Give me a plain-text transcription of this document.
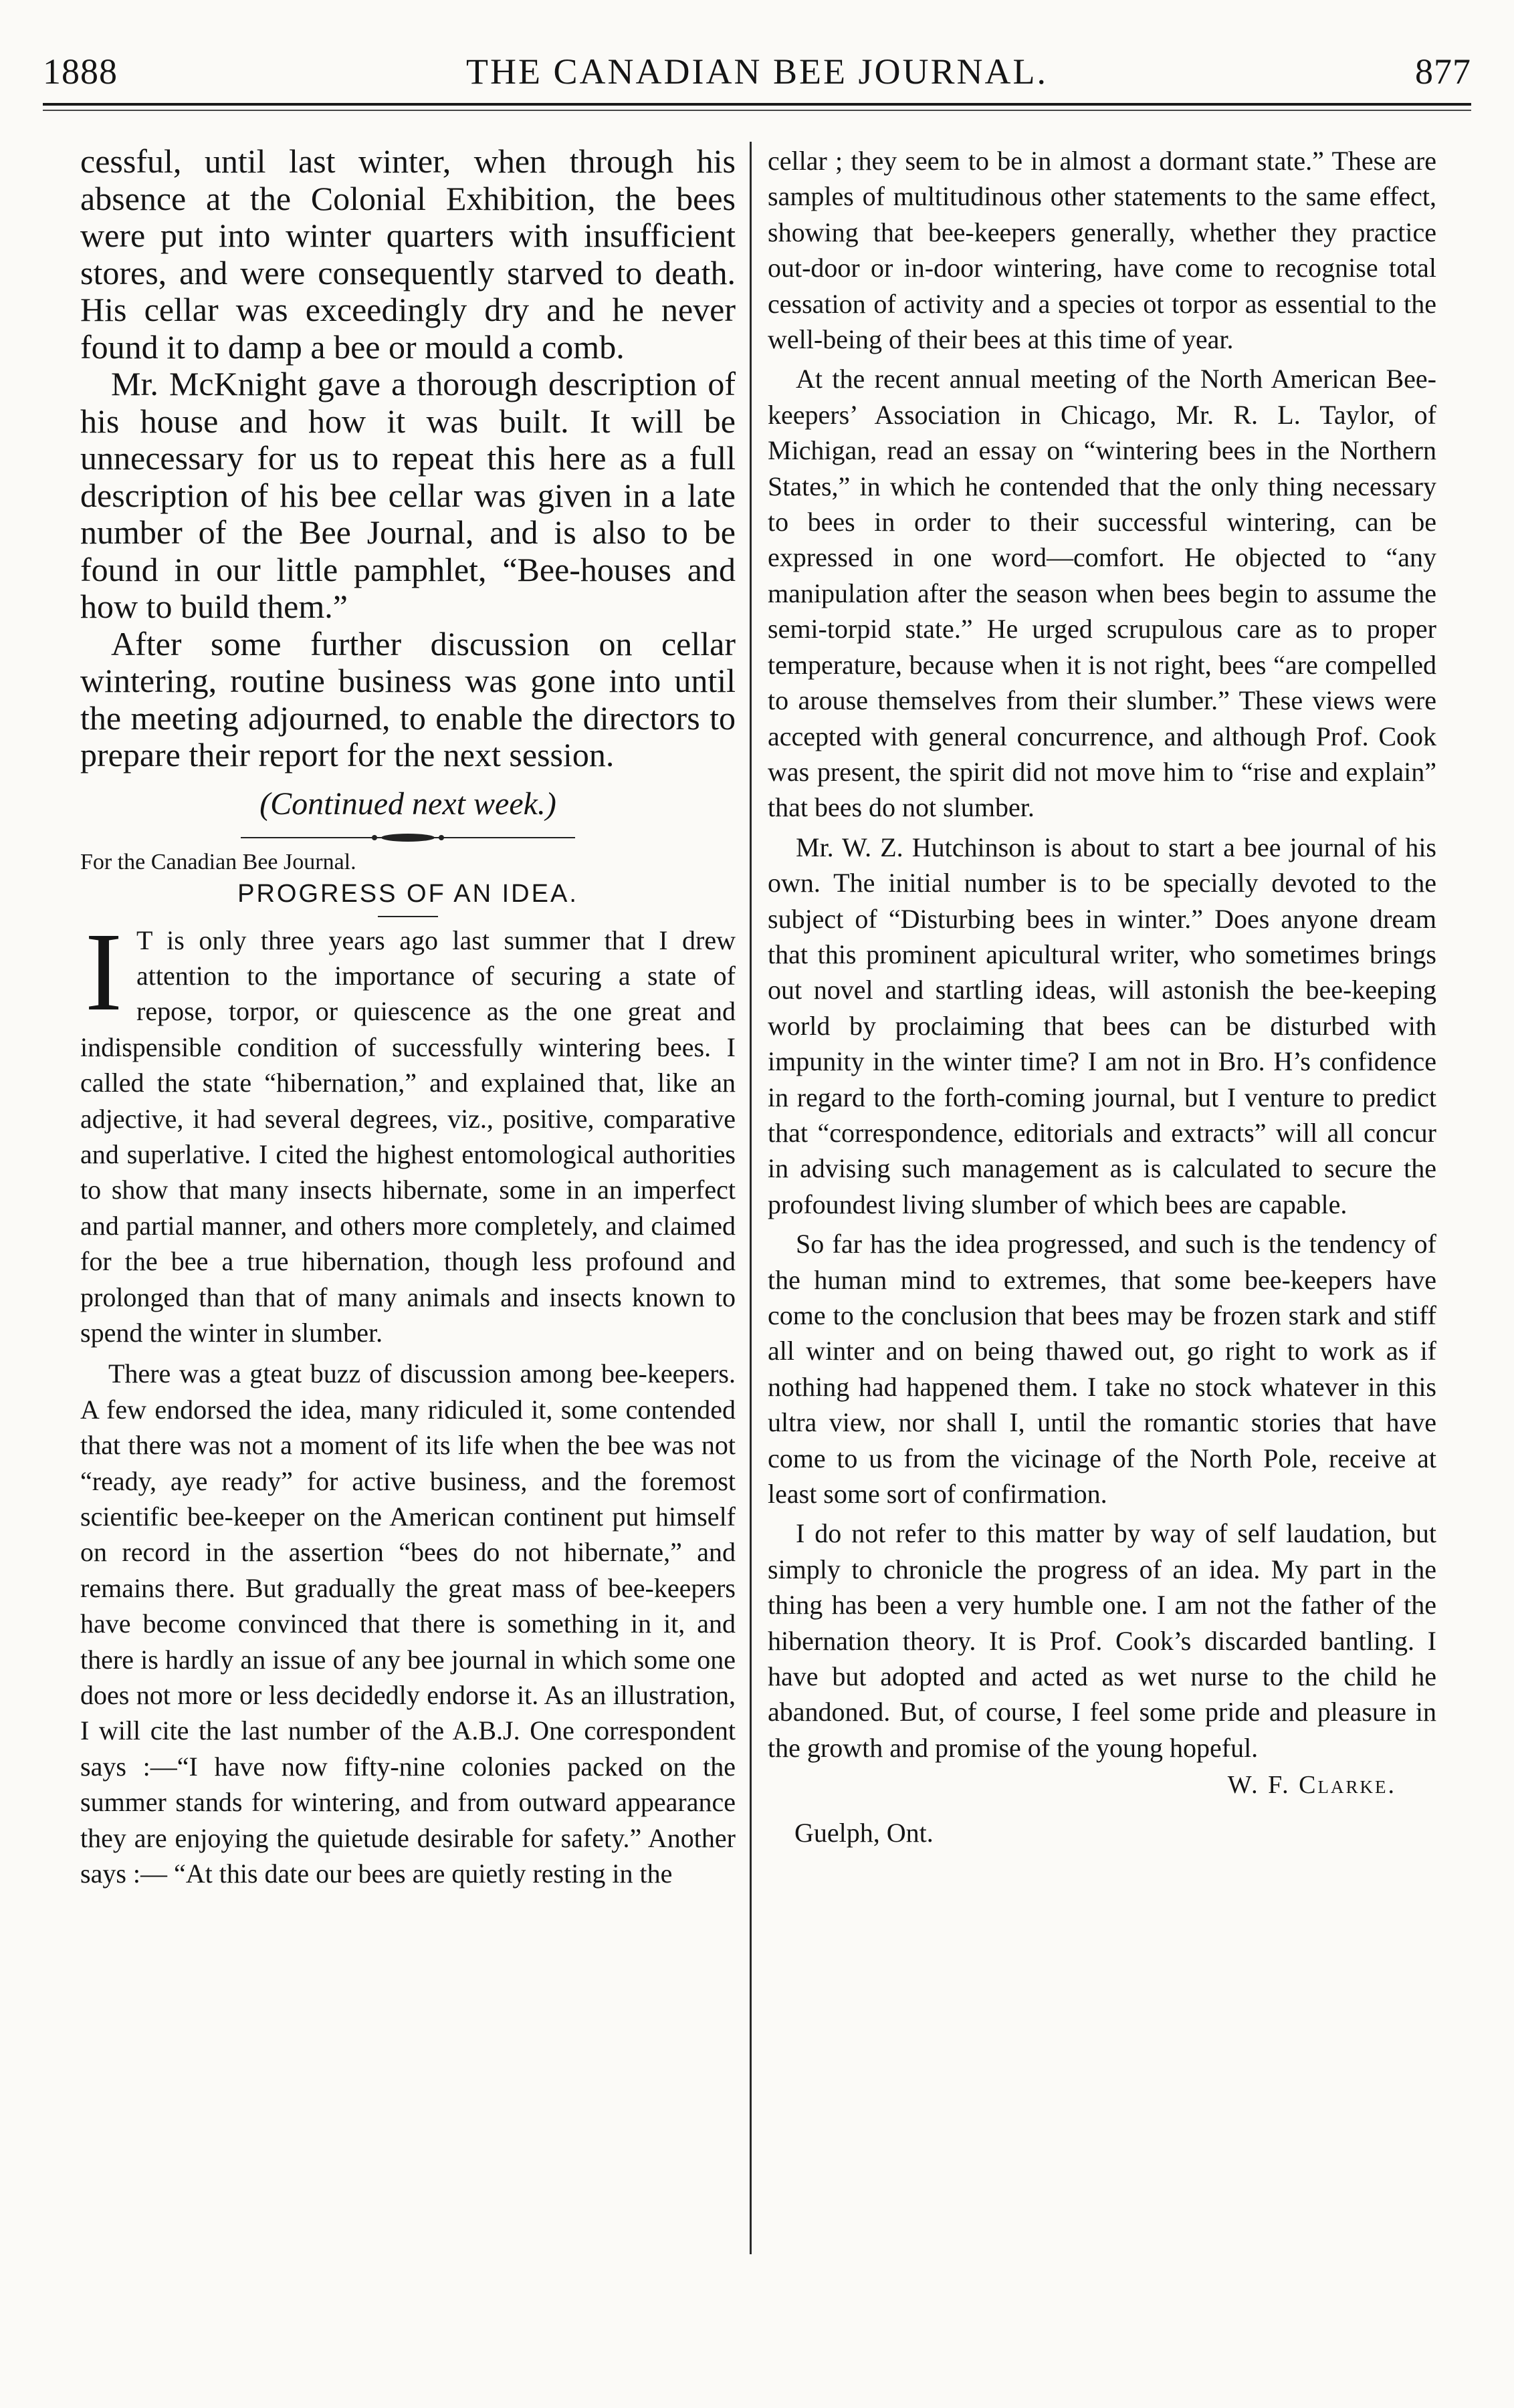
THE CANADIAN BEE JOURNAL.
1888	877

cessful, until last winter, when through his absence at the Colonial Exhibition, the bees were put into winter quarters with insufficient stores, and were consequently starved to death. His cellar was exceedingly dry and he never found it to damp a bee or mould a comb.

Mr. McKnight gave a thorough description of his house and how it was built. It will be unnecessary for us to repeat this here as a full description of his bee cellar was given in a late number of the Bee Journal, and is also to be found in our little pamphlet, “Bee-houses and how to build them.”

After some further discussion on cellar wintering, routine business was gone into until the meeting adjourned, to enable the directors to prepare their report for the next session.

(Continued next week.)
For the Canadian Bee Journal.
PROGRESS OF AN IDEA.
I T is only three years ago last summer that I drew attention to the importance of securing a state of repose, torpor, or quiescence as the one great and indispensible condition of successfully wintering bees. I called the state “hibernation,” and explained that, like an adjective, it had several degrees, viz., positive, comparative and superlative. I cited the highest entomological authorities to show that many insects hibernate, some in an imperfect and partial manner, and others more completely, and claimed for the bee a true hibernation, though less profound and prolonged than that of many animals and insects known to spend the winter in slumber.

There was a gteat buzz of discussion among bee-keepers. A few endorsed the idea, many ridiculed it, some contended that there was not a moment of its life when the bee was not “ready, aye ready” for active business, and the foremost scientific bee-keeper on the American continent put himself on record in the assertion “bees do not hibernate,” and remains there. But gradually the great mass of bee-keepers have become convinced that there is something in it, and there is hardly an issue of any bee journal in which some one does not more or less decidedly endorse it. As an illustration, I will cite the last number of the A.B.J. One correspondent says :—“I have now fifty-nine colonies packed on the summer stands for wintering, and from outward appearance they are enjoying the quietude desirable for safety.” Another says :— “At this date our bees are quietly resting in the

cellar ; they seem to be in almost a dormant state.” These are samples of multitudinous other statements to the same effect, showing that bee-keepers generally, whether they practice out-door or in-door wintering, have come to recognise total cessation of activity and a species ot torpor as essential to the well-being of their bees at this time of year.

At the recent annual meeting of the North American Bee-keepers’ Association in Chicago, Mr. R. L. Taylor, of Michigan, read an essay on “wintering bees in the Northern States,” in which he contended that the only thing necessary to bees in order to their successful wintering, can be expressed in one word—comfort. He objected to “any manipulation after the season when bees begin to assume the semi-torpid state.” He urged scrupulous care as to proper temperature, because when it is not right, bees “are compelled to arouse themselves from their slumber.” These views were accepted with general concurrence, and although Prof. Cook was present, the spirit did not move him to “rise and explain” that bees do not slumber.

Mr. W. Z. Hutchinson is about to start a bee journal of his own. The initial number is to be specially devoted to the subject of “Disturbing bees in winter.” Does anyone dream that this prominent apicultural writer, who sometimes brings out novel and startling ideas, will astonish the bee-keeping world by proclaiming that bees can be disturbed with impunity in the winter time? I am not in Bro. H’s confidence in regard to the forth-coming journal, but I venture to predict that “correspondence, editorials and extracts” will all concur in advising such management as is calculated to secure the profoundest living slumber of which bees are capable.

So far has the idea progressed, and such is the tendency of the human mind to extremes, that some bee-keepers have come to the conclusion that bees may be frozen stark and stiff all winter and on being thawed out, go right to work as if nothing had happened them. I take no stock whatever in this ultra view, nor shall I, until the romantic stories that have come to us from the vicinage of the North Pole, receive at least some sort of confirmation.

I do not refer to this matter by way of self laudation, but simply to chronicle the progress of an idea. My part in the thing has been a very humble one. I am not the father of the hibernation theory. It is Prof. Cook’s discarded bantling. I have but adopted and acted as wet nurse to the child he abandoned. But, of course, I feel some pride and pleasure in the growth and promise of the young hopeful.

W. F. Clarke.
Guelph, Ont.
